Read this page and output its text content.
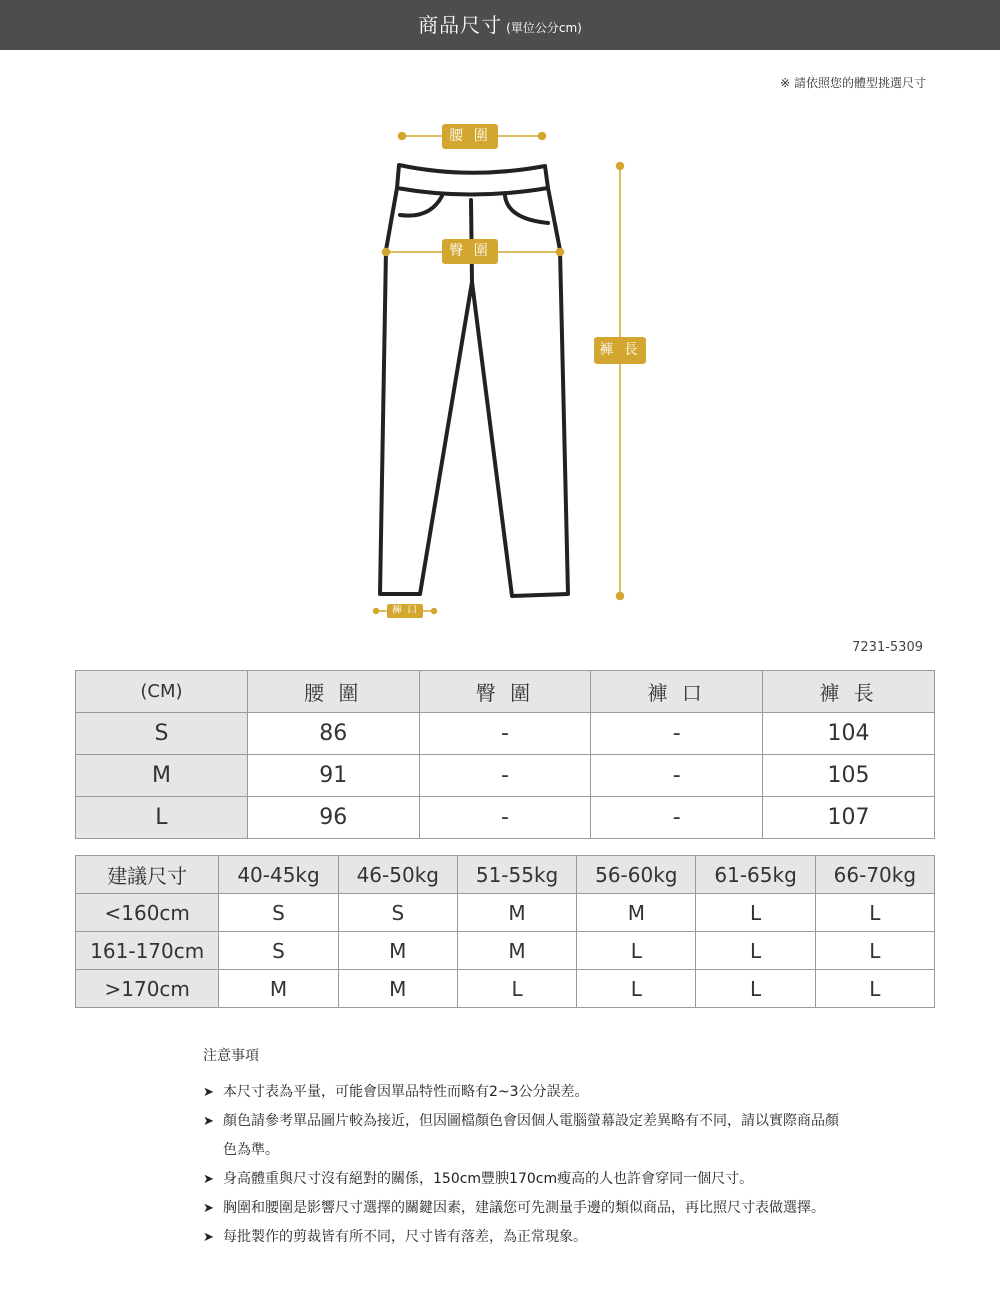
商品尺寸 (單位公分cm)
※ 請依照您的體型挑選尺寸
腰 圍
臀 圍
褲 長
褲 口
7231-5309
(CM)	腰 圍	臀 圍	褲 口	褲 長
S	86	-	-	104
M	91	-	-	105
L	96	-	-	107
建議尺寸	40-45kg	46-50kg	51-55kg	56-60kg	61-65kg	66-70kg
<160cm	S	S	M	M	L	L
161-170cm	S	M	M	L	L	L
>170cm	M	M	L	L	L	L
注意事項
➤ 本尺寸表為平量，可能會因單品特性而略有2~3公分誤差。
➤ 顏色請參考單品圖片較為接近，但因圖檔顏色會因個人電腦螢幕設定差異略有不同，請以實際商品顏色為準。
➤ 身高體重與尺寸沒有絕對的關係，150cm豐腴170cm瘦高的人也許會穿同一個尺寸。
➤ 胸圍和腰圍是影響尺寸選擇的關鍵因素，建議您可先測量手邊的類似商品，再比照尺寸表做選擇。
➤ 每批製作的剪裁皆有所不同，尺寸皆有落差，為正常現象。
